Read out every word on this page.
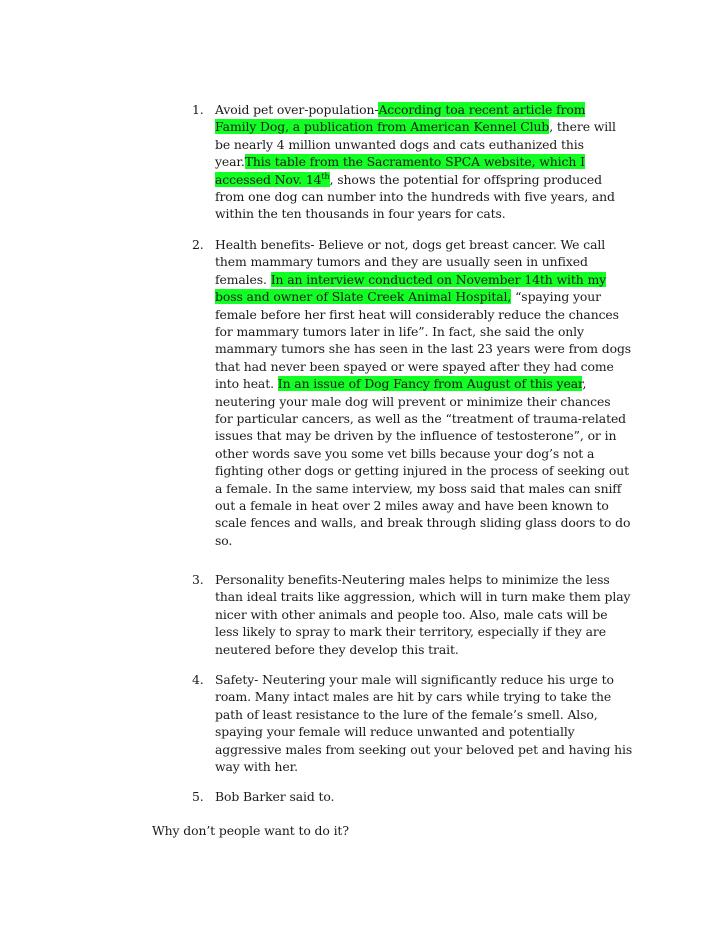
1. Avoid pet over-population-According toa recent article from
Family Dog, a publication from American Kennel Club, there will
be nearly 4 million unwanted dogs and cats euthanized this
year.This table from the Sacramento SPCA website, which I
accessed Nov. 14th, shows the potential for offspring produced
from one dog can number into the hundreds with five years, and
within the ten thousands in four years for cats.
2. Health benefits- Believe or not, dogs get breast cancer. We call
them mammary tumors and they are usually seen in unfixed
females. In an interview conducted on November 14th with my
boss and owner of Slate Creek Animal Hospital, “spaying your
female before her first heat will considerably reduce the chances
for mammary tumors later in life”. In fact, she said the only
mammary tumors she has seen in the last 23 years were from dogs
that had never been spayed or were spayed after they had come
into heat. In an issue of Dog Fancy from August of this year,
neutering your male dog will prevent or minimize their chances
for particular cancers, as well as the “treatment of trauma-related
issues that may be driven by the influence of testosterone”, or in
other words save you some vet bills because your dog’s not a
fighting other dogs or getting injured in the process of seeking out
a female. In the same interview, my boss said that males can sniff
out a female in heat over 2 miles away and have been known to
scale fences and walls, and break through sliding glass doors to do
so.
3. Personality benefits-Neutering males helps to minimize the less
than ideal traits like aggression, which will in turn make them play
nicer with other animals and people too. Also, male cats will be
less likely to spray to mark their territory, especially if they are
neutered before they develop this trait.
4. Safety- Neutering your male will significantly reduce his urge to
roam. Many intact males are hit by cars while trying to take the
path of least resistance to the lure of the female’s smell. Also,
spaying your female will reduce unwanted and potentially
aggressive males from seeking out your beloved pet and having his
way with her.
5. Bob Barker said to.
Why don’t people want to do it?
